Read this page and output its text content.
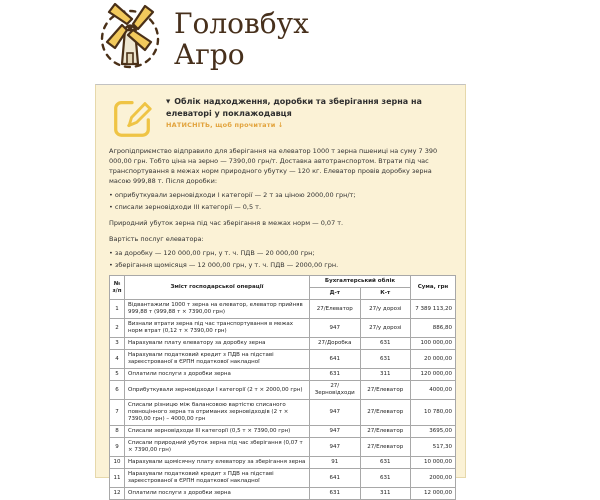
Головбух
Агро
▼ Облік надходження, доробки та зберігання зерна на елеваторі у поклажодавця
НАТИСНІТЬ, щоб прочитати ↓

Агропідприємство відправило для зберігання на елеватор 1000 т зерна пшениці на суму 7 390 000,00 грн. Тобто ціна на зерно — 7390,00 грн/т. Доставка автотранспортом. Втрати під час транспортування в межах норм природного убутку — 120 кг. Елеватор провів доробку зерна масою 999,88 т. Після доробки:

• оприбуткували зерновідходи I категорії — 2 т за ціною 2000,00 грн/т;
• списали зерновідходи III категорії — 0,5 т.

Природний убуток зерна під час зберігання в межах норм — 0,07 т.

Вартість послуг елеватора:

• за доробку — 120 000,00 грн, у т. ч. ПДВ — 20 000,00 грн;
• зберігання щомісяця — 12 000,00 грн, у т. ч. ПДВ — 2000,00 грн.
№ з/п	Зміст господарської операції	Бухгалтерський облік		Сума, грн
		Д-т	К-т	
1	Відвантажили 1000 т зерна на елеватор, елеватор прийняв 999,88 т (999,88 т × 7390,00 грн)	27/Елеватор	27/у дорозі	7 389 113,20
2	Визнали втрати зерна під час транспортування в межах норм втрат (0,12 т × 7390,00 грн)	947	27/у дорозі	886,80
3	Нарахували плату елеватору за доробку зерна	27/Доробка	631	100 000,00
4	Нарахували податковий кредит з ПДВ на підставі зареєстрованої в ЄРПН податкової накладної	641	631	20 000,00
5	Оплатили послуги з доробки зерна	631	311	120 000,00
6	Оприбуткували зерновідходи I категорії (2 т × 2000,00 грн)	27/Зерновідходи	27/Елеватор	4000,00
7	Списали різницю між балансовою вартістю списаного повноцінного зерна та отриманих зерновідходів (2 т × 7390,00 грн) – 4000,00 грн	947	27/Елеватор	10 780,00
8	Списали зерновідходи III категорії (0,5 т × 7390,00 грн)	947	27/Елеватор	3695,00
9	Списали природний убуток зерна під час зберігання (0,07 т × 7390,00 грн)	947	27/Елеватор	517,30
10	Нарахували щомісячну плату елеватору за зберігання зерна	91	631	10 000,00
11	Нарахували податковий кредит з ПДВ на підставі зареєстрованої в ЄРПН податкової накладної	641	631	2000,00
12	Оплатили послуги з доробки зерна	631	311	12 000,00
